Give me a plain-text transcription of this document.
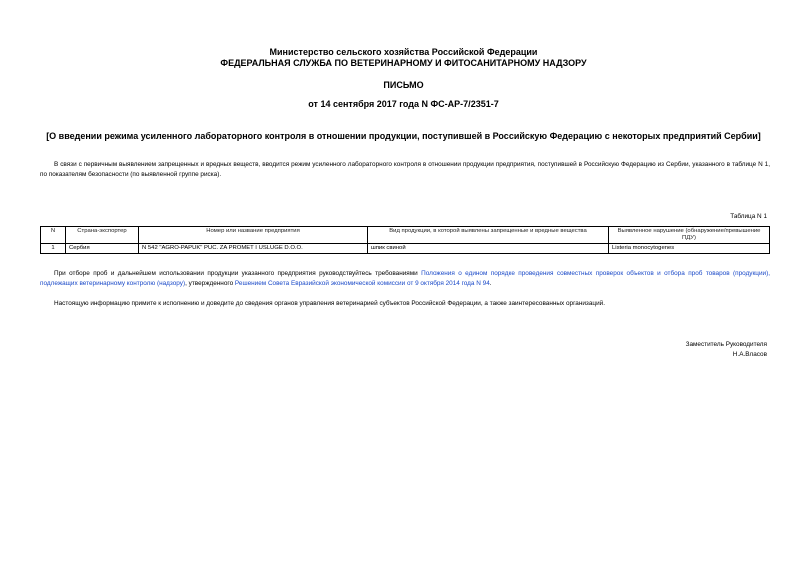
Министерство сельского хозяйства Российской Федерации
ФЕДЕРАЛЬНАЯ СЛУЖБА ПО ВЕТЕРИНАРНОМУ И ФИТОСАНИТАРНОМУ НАДЗОРУ
ПИСЬМО
от 14 сентября 2017 года N ФС-АР-7/2351-7
[О введении режима усиленного лабораторного контроля в отношении продукции, поступившей в Российскую Федерацию с некоторых предприятий Сербии]
В связи с первичным выявлением запрещенных и вредных веществ, вводится режим усиленного лабораторного контроля в отношении продукции предприятия, поступившей в Российскую Федерацию из Сербии, указанного в таблице N 1, по показателям безопасности (по выявленной группе риска).
Таблица N 1
N	Страна-экспортер	Номер или название предприятия	Вид продукции, в которой выявлены запрещенные и вредные вещества	Выявленное нарушение (обнаружение/превышение ПДУ)
1	Сербия	N 542 "AGRO-PAPUK" PUC. ZA PROMET I USLUGE D.O.O.	шпик свиной	Listeria monocytogenes
При отборе проб и дальнейшем использовании продукции указанного предприятия руководствуйтесь требованиями Положения о едином порядке проведения совместных проверок объектов и отбора проб товаров (продукции), подлежащих ветеринарному контролю (надзору), утвержденного Решением Совета Евразийской экономической комиссии от 9 октября 2014 года N 94.
Настоящую информацию примите к исполнению и доведите до сведения органов управления ветеринарией субъектов Российской Федерации, а также заинтересованных организаций.
Заместитель Руководителя
Н.А.Власов
